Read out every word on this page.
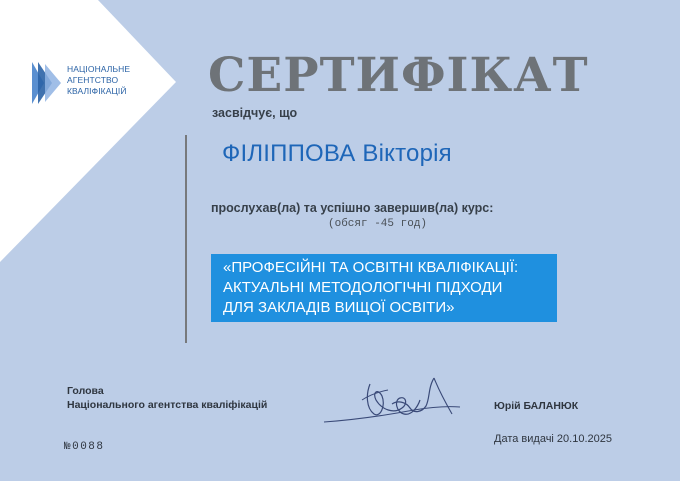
НАЦІОНАЛЬНЕ
АГЕНТСТВО
КВАЛІФІКАЦІЙ СЕРТИФІКАТ
засвідчує, що
ФІЛІППОВА Вікторія
прослухав(ла) та успішно завершив(ла) курс:
(обсяг -45 год)
«ПРОФЕСІЙНІ ТА ОСВІТНІ КВАЛІФІКАЦІЇ:
АКТУАЛЬНІ МЕТОДОЛОГІЧНІ ПІДХОДИ
ДЛЯ ЗАКЛАДІВ ВИЩОЇ ОСВІТИ»
Голова
Національного агентства кваліфікацій	Юрій БАЛАНЮК
Дата видачі 20.10.2025
№0088
